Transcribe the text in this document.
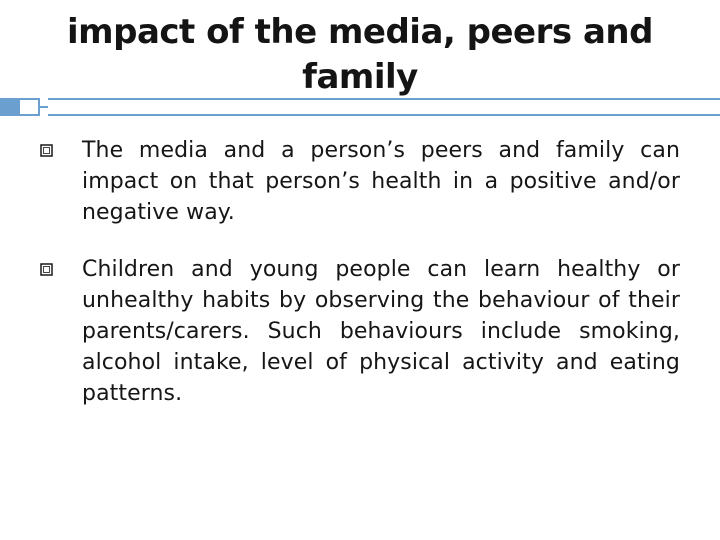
impact of the media, peers and family
The media and a person’s peers and family can impact on that person’s health in a positive and/or negative way.
Children and young people can learn healthy or unhealthy habits by observing the behaviour of their parents/carers. Such behaviours include smoking, alcohol intake, level of physical activity and eating patterns.
